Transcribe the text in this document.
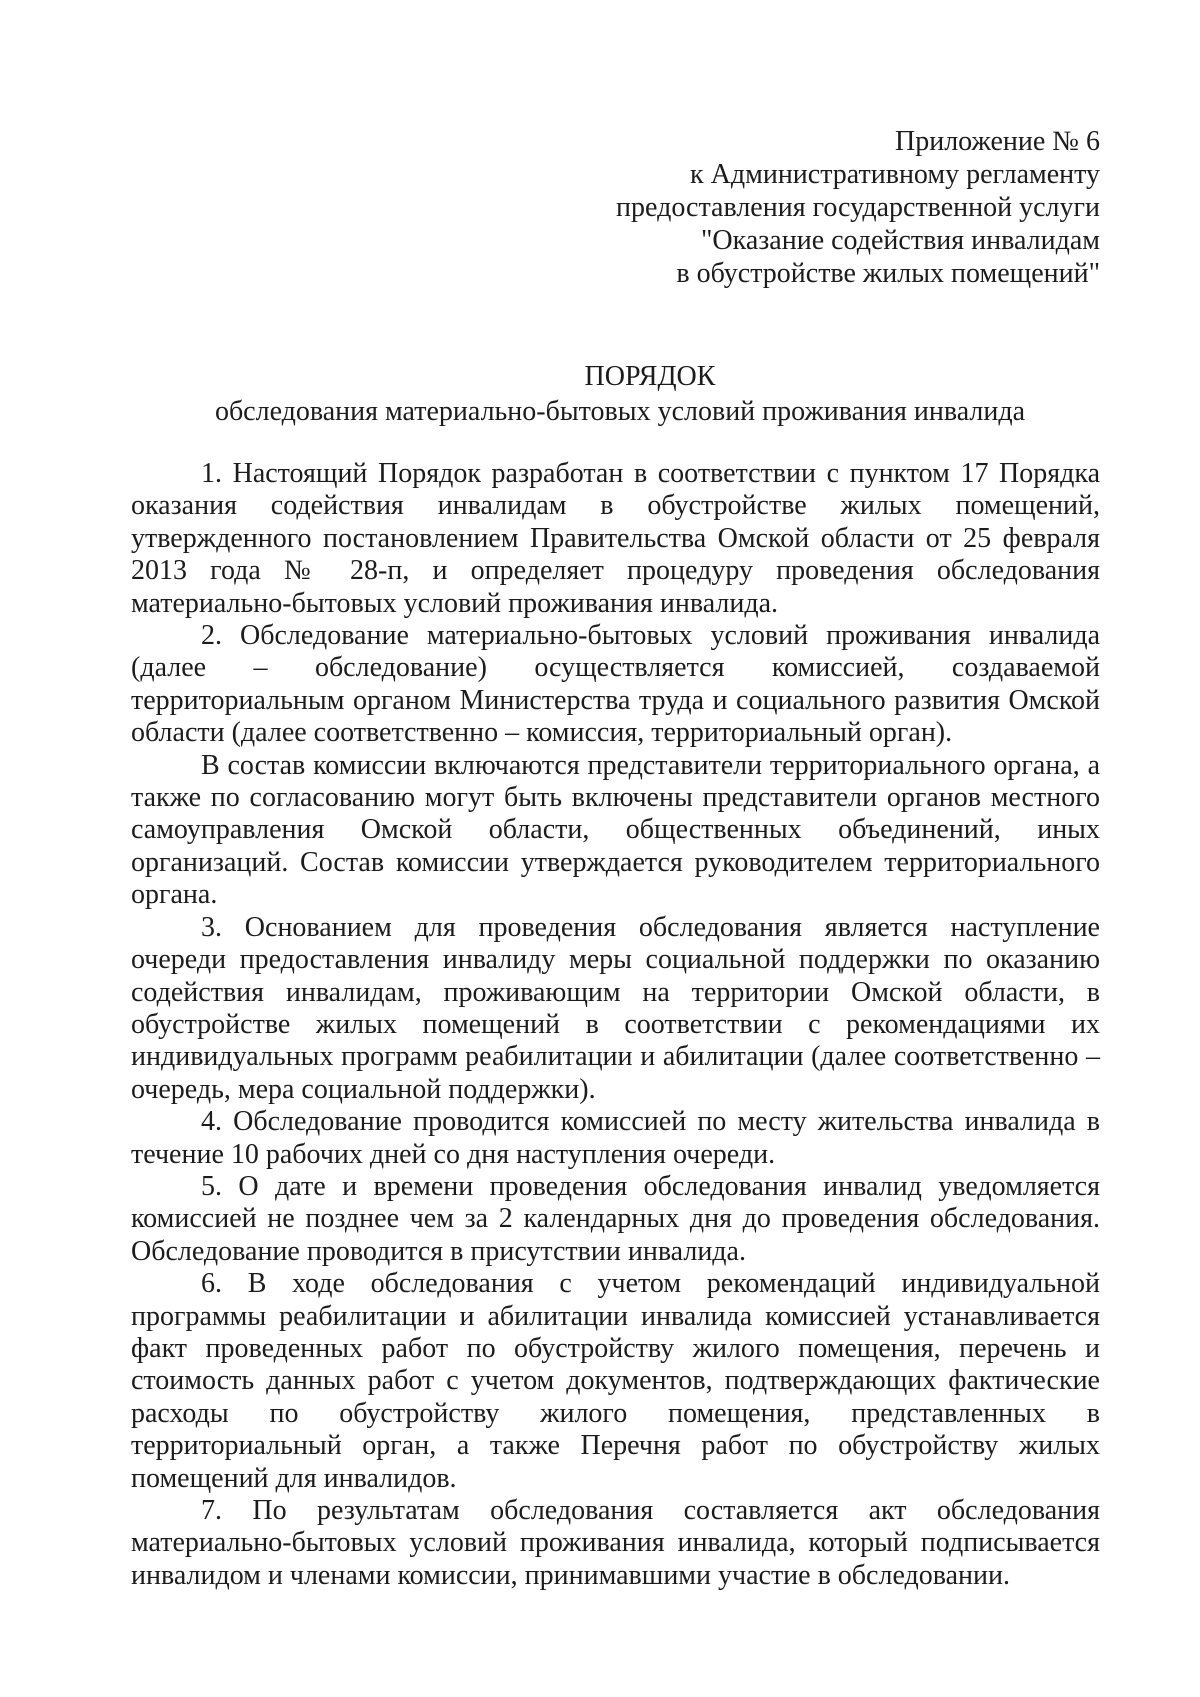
Приложение № 6
к Административному регламенту
предоставления государственной услуги
"Оказание содействия инвалидам
в обустройстве жилых помещений"
ПОРЯДОК
обследования материально-бытовых условий проживания инвалида

1. Настоящий Порядок разработан в соответствии с пунктом 17 Порядка оказания содействия инвалидам в обустройстве жилых помещений, утвержденного постановлением Правительства Омской области от 25 февраля 2013 года № 28-п, и определяет процедуру проведения обследования материально-бытовых условий проживания инвалида.

2. Обследование материально-бытовых условий проживания инвалида (далее – обследование) осуществляется комиссией, создаваемой территориальным органом Министерства труда и социального развития Омской области (далее соответственно – комиссия, территориальный орган).

В состав комиссии включаются представители территориального органа, а также по согласованию могут быть включены представители органов местного самоуправления Омской области, общественных объединений, иных организаций. Состав комиссии утверждается руководителем территориального органа.

3. Основанием для проведения обследования является наступление очереди предоставления инвалиду меры социальной поддержки по оказанию содействия инвалидам, проживающим на территории Омской области, в обустройстве жилых помещений в соответствии с рекомендациями их индивидуальных программ реабилитации и абилитации (далее соответственно – очередь, мера социальной поддержки).

4. Обследование проводится комиссией по месту жительства инвалида в течение 10 рабочих дней со дня наступления очереди.

5. О дате и времени проведения обследования инвалид уведомляется комиссией не позднее чем за 2 календарных дня до проведения обследования. Обследование проводится в присутствии инвалида.

6. В ходе обследования с учетом рекомендаций индивидуальной программы реабилитации и абилитации инвалида комиссией устанавливается факт проведенных работ по обустройству жилого помещения, перечень и стоимость данных работ с учетом документов, подтверждающих фактические расходы по обустройству жилого помещения, представленных в территориальный орган, а также Перечня работ по обустройству жилых помещений для инвалидов.

7. По результатам обследования составляется акт обследования материально-бытовых условий проживания инвалида, который подписывается инвалидом и членами комиссии, принимавшими участие в обследовании.
